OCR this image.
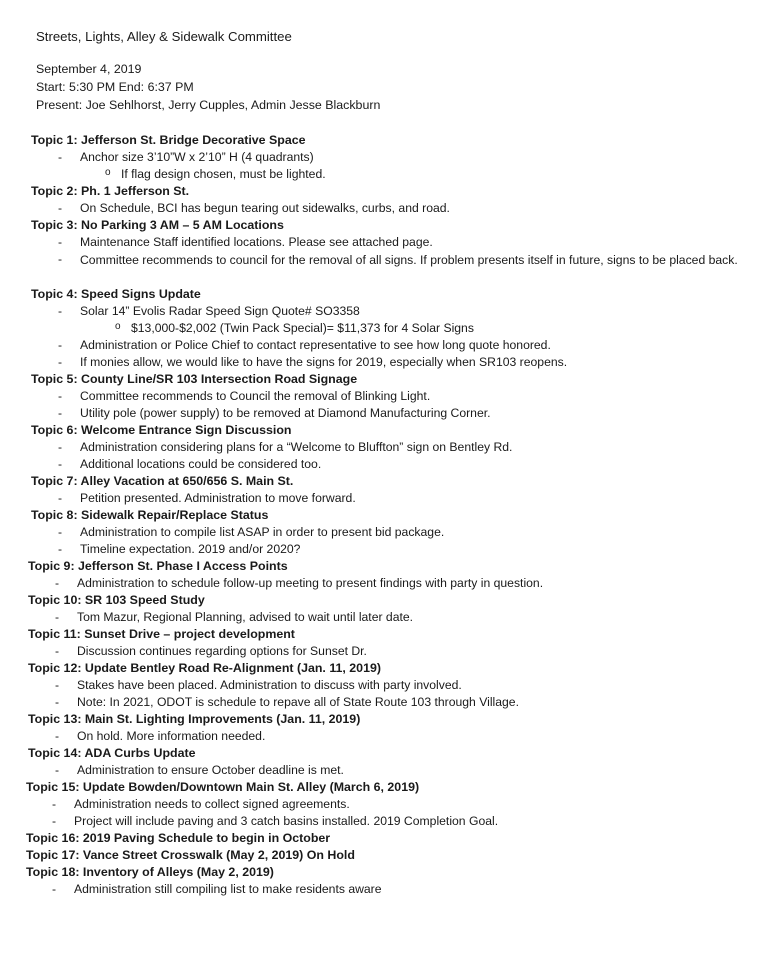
Streets, Lights, Alley & Sidewalk Committee
September 4, 2019
Start: 5:30 PM End: 6:37 PM
Present: Joe Sehlhorst, Jerry Cupples, Admin Jesse Blackburn
Topic 1: Jefferson St. Bridge Decorative Space
-	Anchor size 3’10”W x 2’10” H (4 quadrants)
o If flag design chosen, must be lighted.
Topic 2: Ph. 1 Jefferson St.
-	On Schedule, BCI has begun tearing out sidewalks, curbs, and road.
Topic 3: No Parking 3 AM – 5 AM Locations
-	Maintenance Staff identified locations. Please see attached page.
-	Committee recommends to council for the removal of all signs. If problem presents itself in future, signs to be placed back.
Topic 4: Speed Signs Update
-	Solar 14” Evolis Radar Speed Sign Quote# SO3358
o $13,000-$2,002 (Twin Pack Special)= $11,373 for 4 Solar Signs
-	Administration or Police Chief to contact representative to see how long quote honored.
-	If monies allow, we would like to have the signs for 2019, especially when SR103 reopens.
Topic 5: County Line/SR 103 Intersection Road Signage
-	Committee recommends to Council the removal of Blinking Light.
-	Utility pole (power supply) to be removed at Diamond Manufacturing Corner.
Topic 6: Welcome Entrance Sign Discussion
-	Administration considering plans for a “Welcome to Bluffton” sign on Bentley Rd.
-	Additional locations could be considered too.
Topic 7: Alley Vacation at 650/656 S. Main St.
-	Petition presented. Administration to move forward.
Topic 8: Sidewalk Repair/Replace Status
-	Administration to compile list ASAP in order to present bid package.
-	Timeline expectation. 2019 and/or 2020?
Topic 9: Jefferson St. Phase I Access Points
-	Administration to schedule follow-up meeting to present findings with party in question.
Topic 10: SR 103 Speed Study
-	Tom Mazur, Regional Planning, advised to wait until later date.
Topic 11: Sunset Drive – project development
-	Discussion continues regarding options for Sunset Dr.
Topic 12: Update Bentley Road Re-Alignment (Jan. 11, 2019)
-	Stakes have been placed. Administration to discuss with party involved.
-	Note: In 2021, ODOT is schedule to repave all of State Route 103 through Village.
Topic 13: Main St. Lighting Improvements (Jan. 11, 2019)
-	On hold. More information needed.
Topic 14: ADA Curbs Update
-	Administration to ensure October deadline is met.
Topic 15: Update Bowden/Downtown Main St. Alley (March 6, 2019)
-	Administration needs to collect signed agreements.
-	Project will include paving and 3 catch basins installed. 2019 Completion Goal.
Topic 16: 2019 Paving Schedule to begin in October
Topic 17: Vance Street Crosswalk (May 2, 2019) On Hold
Topic 18: Inventory of Alleys (May 2, 2019)
-	Administration still compiling list to make residents aware
